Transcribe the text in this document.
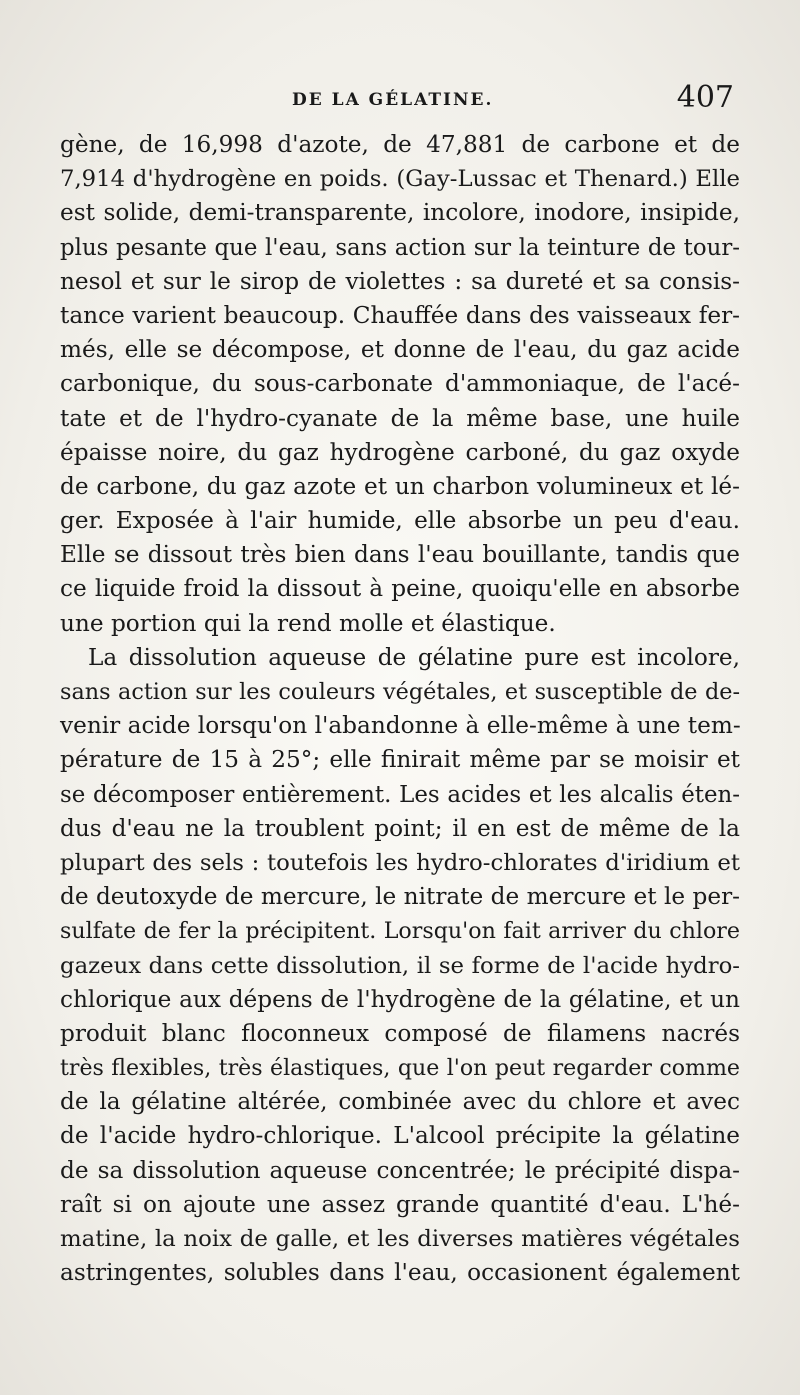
DE LA GÉLATINE.	407
gène, de 16,998 d'azote, de 47,881 de carbone et de
7,914 d'hydrogène en poids. (Gay-Lussac et Thenard.) Elle
est solide, demi-transparente, incolore, inodore, insipide,
plus pesante que l'eau, sans action sur la teinture de tour-
nesol et sur le sirop de violettes : sa dureté et sa consis-
tance varient beaucoup. Chauffée dans des vaisseaux fer-
més, elle se décompose, et donne de l'eau, du gaz acide
carbonique, du sous-carbonate d'ammoniaque, de l'acé-
tate et de l'hydro-cyanate de la même base, une huile
épaisse noire, du gaz hydrogène carboné, du gaz oxyde
de carbone, du gaz azote et un charbon volumineux et lé-
ger. Exposée à l'air humide, elle absorbe un peu d'eau.
Elle se dissout très bien dans l'eau bouillante, tandis que
ce liquide froid la dissout à peine, quoiqu'elle en absorbe
une portion qui la rend molle et élastique.
La dissolution aqueuse de gélatine pure est incolore,
sans action sur les couleurs végétales, et susceptible de de-
venir acide lorsqu'on l'abandonne à elle-même à une tem-
pérature de 15 à 25°; elle finirait même par se moisir et
se décomposer entièrement. Les acides et les alcalis éten-
dus d'eau ne la troublent point; il en est de même de la
plupart des sels : toutefois les hydro-chlorates d'iridium et
de deutoxyde de mercure, le nitrate de mercure et le per-
sulfate de fer la précipitent. Lorsqu'on fait arriver du chlore
gazeux dans cette dissolution, il se forme de l'acide hydro-
chlorique aux dépens de l'hydrogène de la gélatine, et un
produit blanc floconneux composé de filamens nacrés
très flexibles, très élastiques, que l'on peut regarder comme
de la gélatine altérée, combinée avec du chlore et avec
de l'acide hydro-chlorique. L'alcool précipite la gélatine
de sa dissolution aqueuse concentrée; le précipité dispa-
raît si on ajoute une assez grande quantité d'eau. L'hé-
matine, la noix de galle, et les diverses matières végétales
astringentes, solubles dans l'eau, occasionent également
